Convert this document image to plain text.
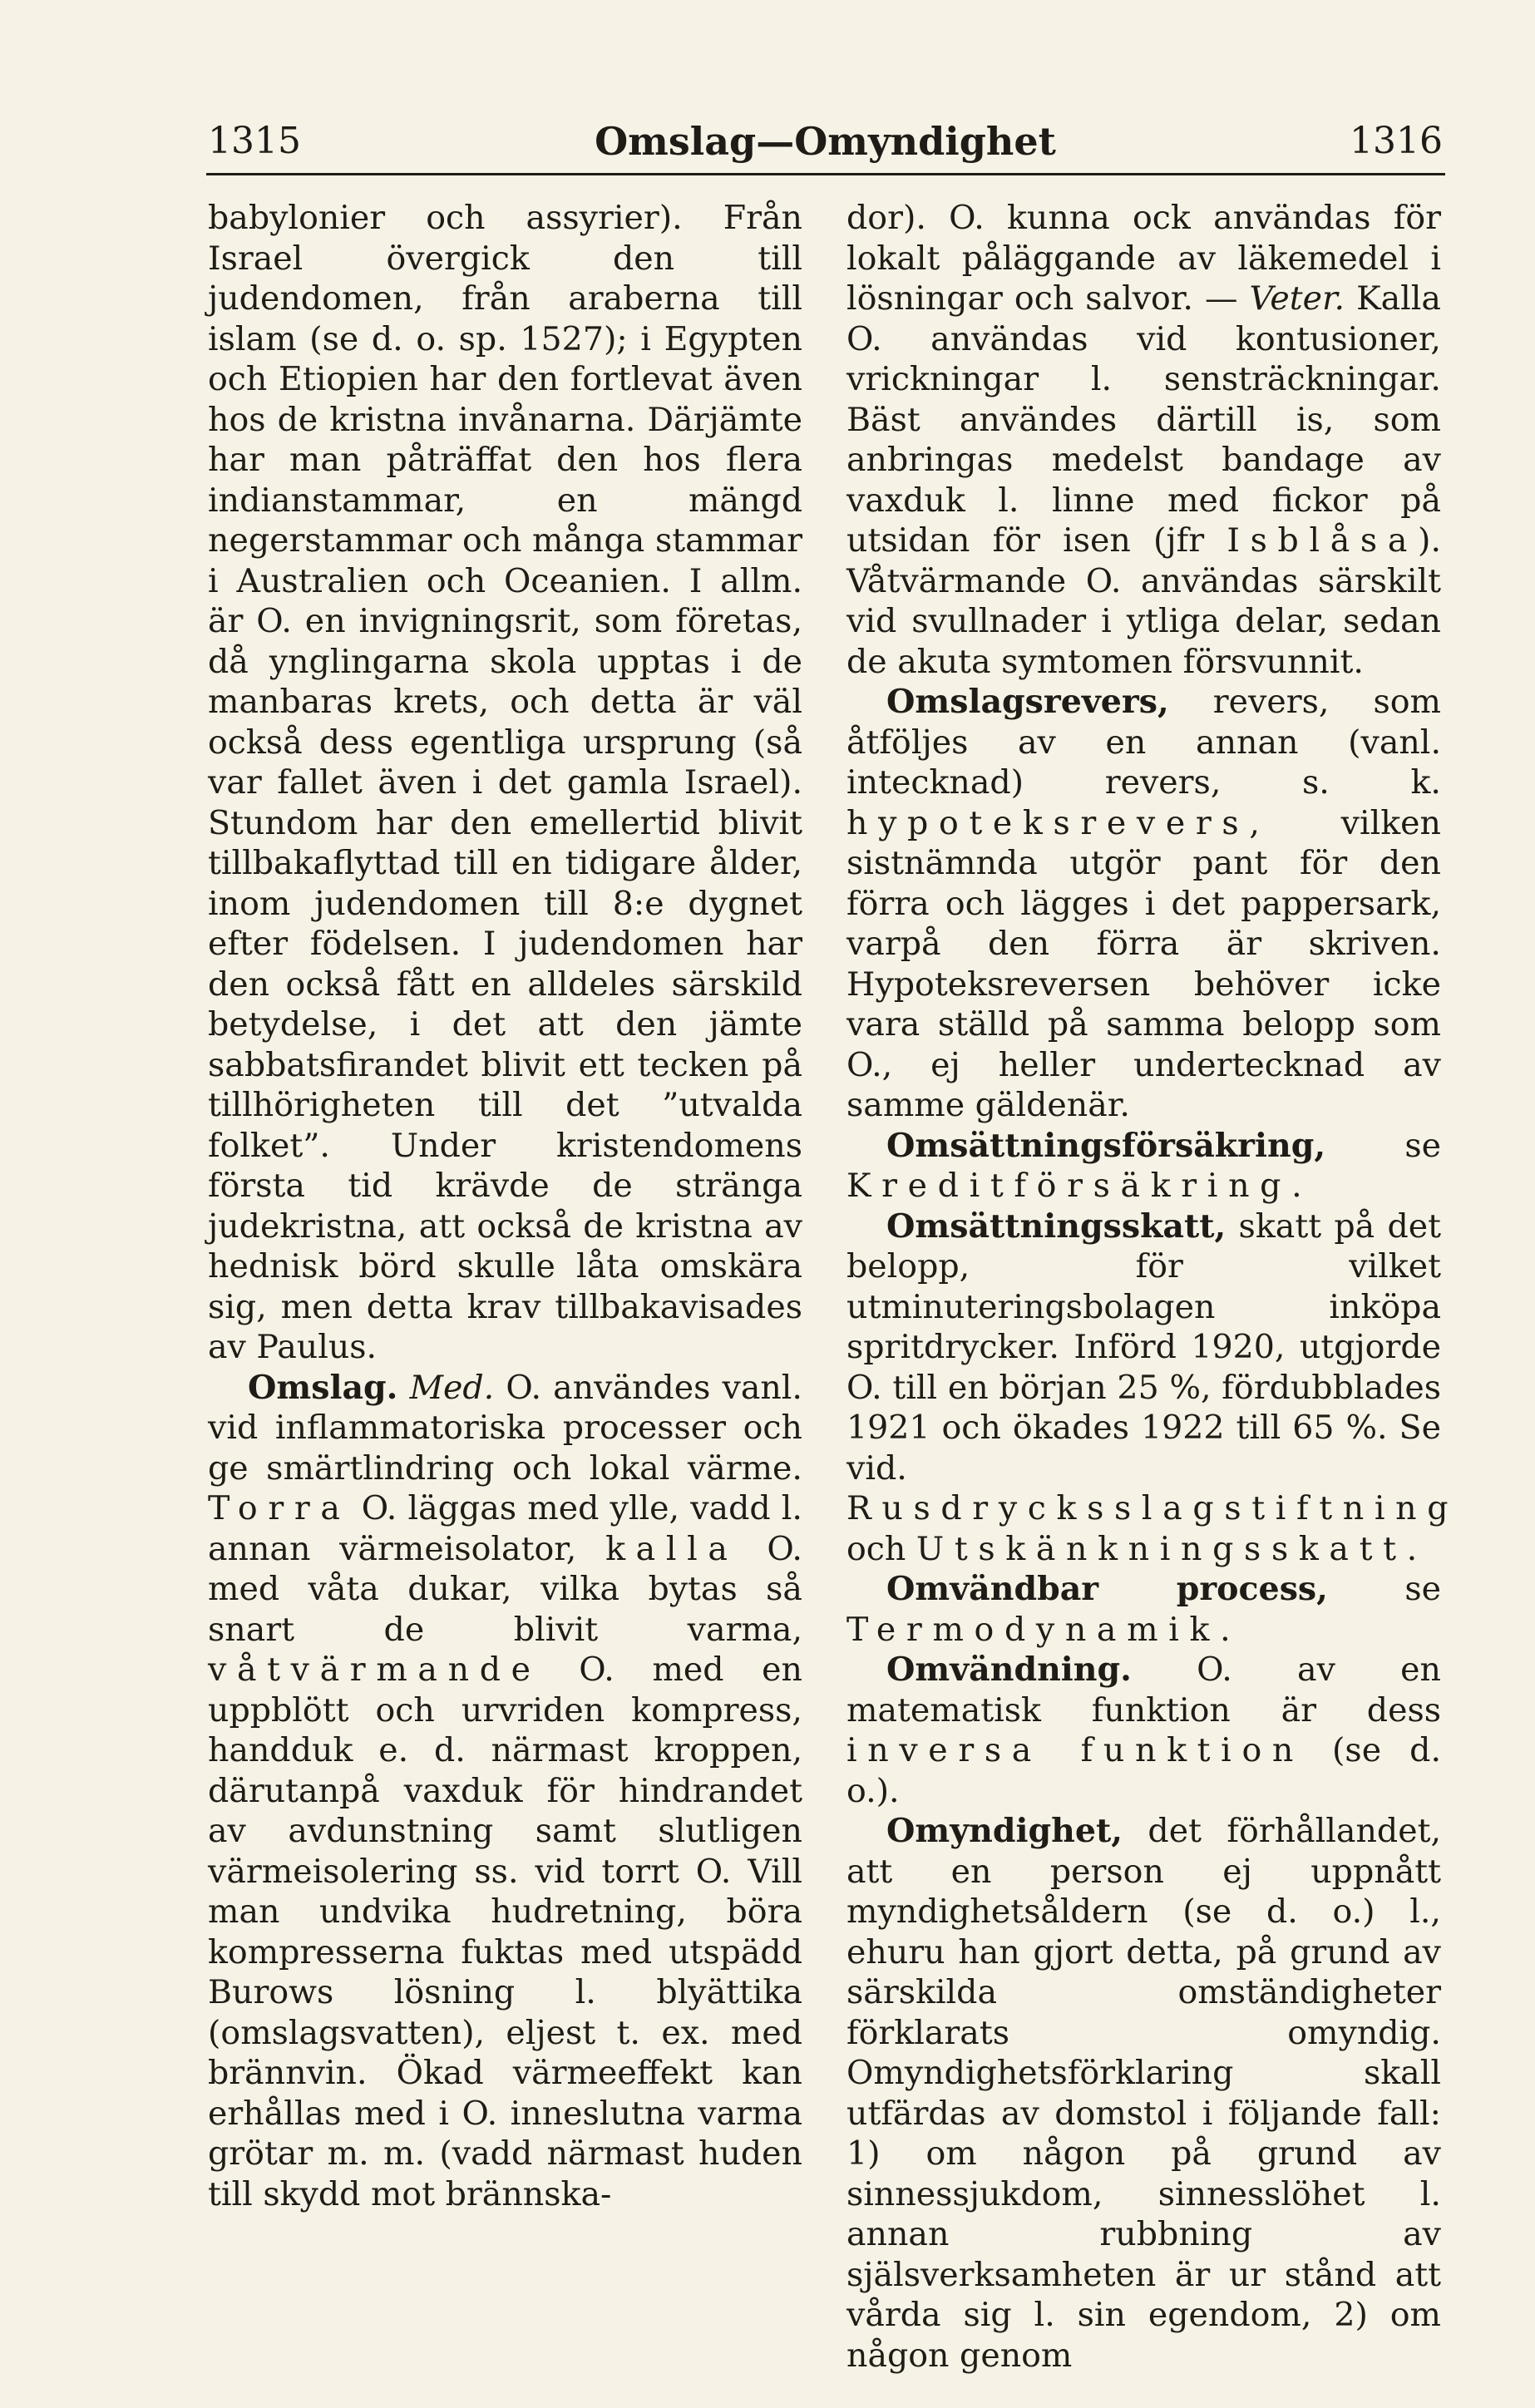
1315	Omslag—Omyndighet	1316

babylonier och assyrier). Från Israel övergick den till judendomen, från araberna till islam (se d. o. sp. 1527); i Egypten och Etiopien har den fortlevat även hos de kristna invånarna. Därjämte har man påträffat den hos flera indianstammar, en mängd negerstammar och många stammar i Australien och Oceanien. I allm. är O. en invigningsrit, som företas, då ynglingarna skola upptas i de manbaras krets, och detta är väl också dess egentliga ursprung (så var fallet även i det gamla Israel). Stundom har den emellertid blivit tillbakaflyttad till en tidigare ålder, inom judendomen till 8:e dygnet efter födelsen. I judendomen har den också fått en alldeles särskild betydelse, i det att den jämte sabbatsfirandet blivit ett tecken på tillhörigheten till det ”utvalda folket”. Under kristendomens första tid krävde de stränga judekristna, att också de kristna av hednisk börd skulle låta omskära sig, men detta krav tillbakavisades av Paulus.

Omslag. Med. O. användes vanl. vid inflammatoriska processer och ge smärtlindring och lokal värme. Torra O. läggas med ylle, vadd l. annan värmeisolator, kalla O. med våta dukar, vilka bytas så snart de blivit varma, våtvärmande O. med en uppblött och urvriden kompress, handduk e. d. närmast kroppen, därutanpå vaxduk för hindrandet av avdunstning samt slutligen värmeisolering ss. vid torrt O. Vill man undvika hudretning, böra kompresserna fuktas med utspädd Burows lösning l. blyättika (omslagsvatten), eljest t. ex. med brännvin. Ökad värmeeffekt kan erhållas med i O. inneslutna varma grötar m. m. (vadd närmast huden till skydd mot brännska-

dor). O. kunna ock användas för lokalt påläggande av läkemedel i lösningar och salvor. — Veter. Kalla O. användas vid kontusioner, vrickningar l. sensträckningar. Bäst användes därtill is, som anbringas medelst bandage av vaxduk l. linne med fickor på utsidan för isen (jfr Isblåsa). Våtvärmande O. användas särskilt vid svullnader i ytliga delar, sedan de akuta symtomen försvunnit.

Omslagsrevers, revers, som åtföljes av en annan (vanl. intecknad) revers, s. k. hypoteksrevers, vilken sistnämnda utgör pant för den förra och lägges i det pappersark, varpå den förra är skriven. Hypoteksreversen behöver icke vara ställd på samma belopp som O., ej heller undertecknad av samme gäldenär.

Omsättningsförsäkring, se Kreditförsäkring.

Omsättningsskatt, skatt på det belopp, för vilket utminuteringsbolagen inköpa spritdrycker. Införd 1920, utgjorde O. till en början 25 %, fördubblades 1921 och ökades 1922 till 65 %. Se vid. Rusdrycksslagstiftning och Utskänkningsskatt.

Omvändbar process, se Termodynamik.

Omvändning. O. av en matematisk funktion är dess inversa funktion (se d. o.).

Omyndighet, det förhållandet, att en person ej uppnått myndighetsåldern (se d. o.) l., ehuru han gjort detta, på grund av särskilda omständigheter förklarats omyndig. Omyndighetsförklaring skall utfärdas av domstol i följande fall: 1) om någon på grund av sinnessjukdom, sinnesslöhet l. annan rubbning av själsverksamheten är ur stånd att vårda sig l. sin egendom, 2) om någon genom
